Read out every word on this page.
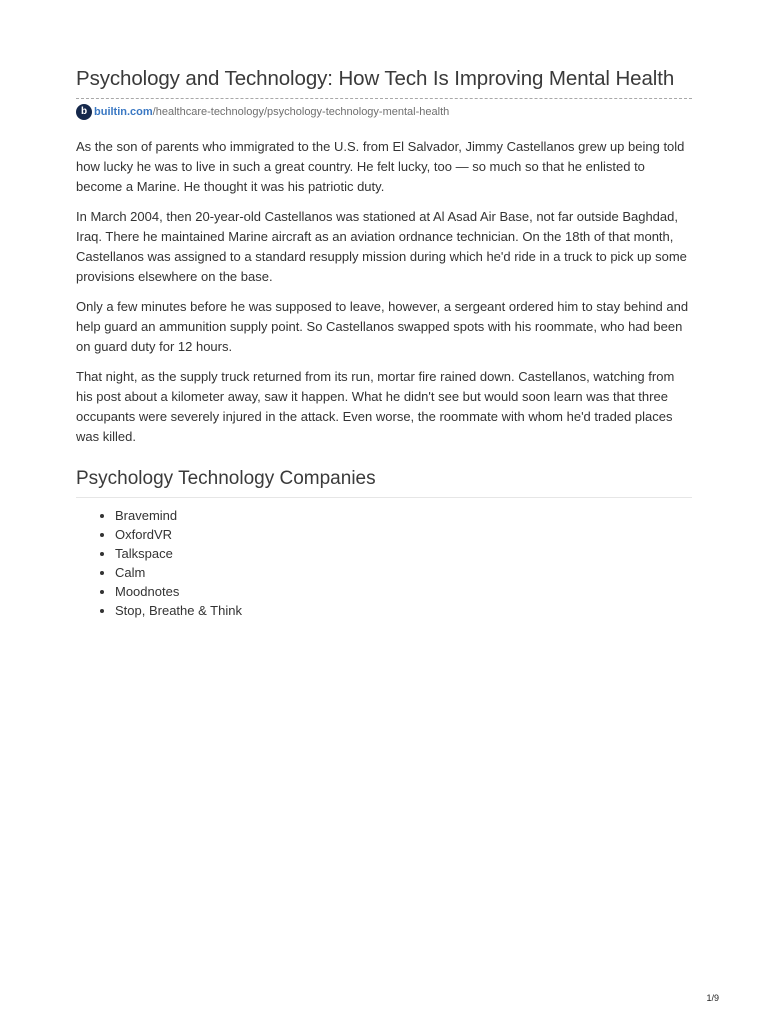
Psychology and Technology: How Tech Is Improving Mental Health
b builtin.com /healthcare-technology/psychology-technology-mental-health

As the son of parents who immigrated to the U.S. from El Salvador, Jimmy Castellanos grew up being told how lucky he was to live in such a great country. He felt lucky, too — so much so that he enlisted to become a Marine. He thought it was his patriotic duty.

In March 2004, then 20-year-old Castellanos was stationed at Al Asad Air Base, not far outside Baghdad, Iraq. There he maintained Marine aircraft as an aviation ordnance technician. On the 18th of that month, Castellanos was assigned to a standard resupply mission during which he'd ride in a truck to pick up some provisions elsewhere on the base.

Only a few minutes before he was supposed to leave, however, a sergeant ordered him to stay behind and help guard an ammunition supply point. So Castellanos swapped spots with his roommate, who had been on guard duty for 12 hours.

That night, as the supply truck returned from its run, mortar fire rained down. Castellanos, watching from his post about a kilometer away, saw it happen. What he didn't see but would soon learn was that three occupants were severely injured in the attack. Even worse, the roommate with whom he'd traded places was killed.

Psychology Technology Companies
• Bravemind
• OxfordVR
• Talkspace
• Calm
• Moodnotes
• Stop, Breathe & Think
1/9
